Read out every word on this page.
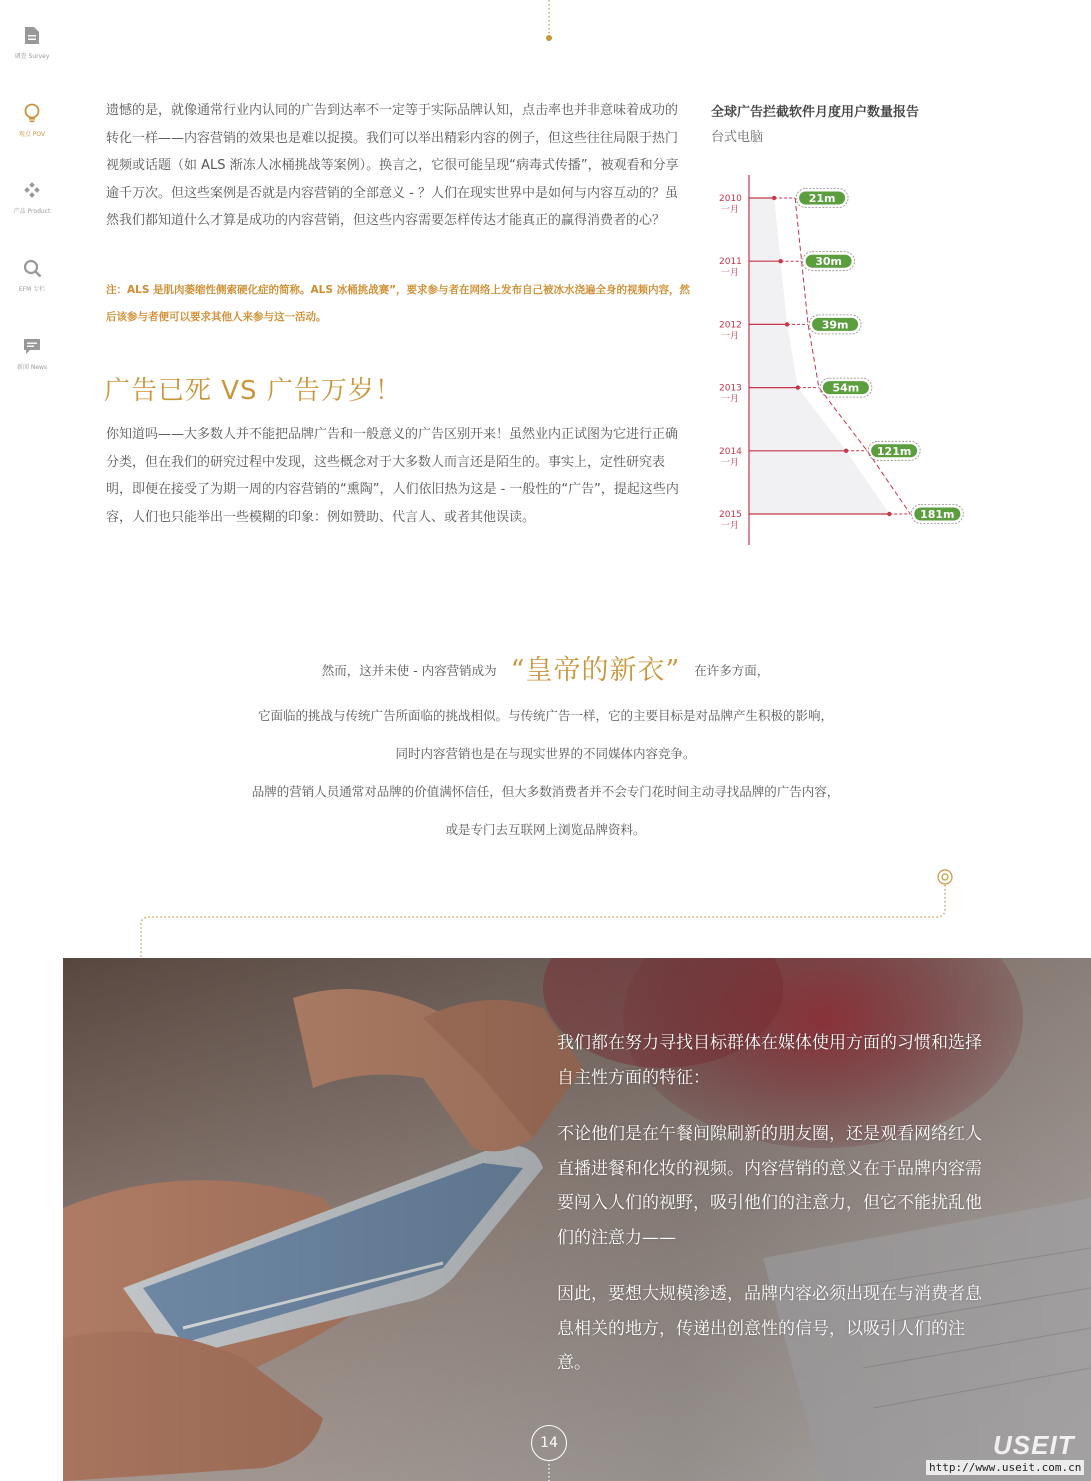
调查 Survey
观点 POV
产品 Product
EFM 专栏
新闻 News

遗憾的是，就像通常行业内认同的广告到达率不一定等于实际品牌认知，点击率也并非意味着成功的转化一样——内容营销的效果也是难以捉摸。我们可以举出精彩内容的例子，但这些往往局限于热门视频或话题（如 ALS 渐冻人冰桶挑战等案例）。换言之，它很可能呈现“病毒式传播”，被观看和分享逾千万次。但这些案例是否就是内容营销的全部意义 - ？人们在现实世界中是如何与内容互动的？虽然我们都知道什么才算是成功的内容营销，但这些内容需要怎样传达才能真正的赢得消费者的心？

注：ALS 是肌肉萎缩性侧索硬化症的简称。ALS 冰桶挑战赛”，要求参与者在网络上发布自己被冰水浇遍全身的视频内容，然后该参与者便可以要求其他人来参与这一活动。

广告已死 VS 广告万岁！

你知道吗——大多数人并不能把品牌广告和一般意义的广告区别开来！虽然业内正试图为它进行正确分类，但在我们的研究过程中发现，这些概念对于大多数人而言还是陌生的。事实上，定性研究表明，即便在接受了为期一周的内容营销的“熏陶”，人们依旧热为这是 - 一般性的“广告”，提起这些内容，人们也只能举出一些模糊的印象：例如赞助、代言人、或者其他误读。

全球广告拦截软件月度用户数量报告

台式电脑

2010
一月
21m
2011
一月
30m
2012
一月
39m
2013
一月
54m
2014
一月
121m
2015
一月
181m
然而，这并未使 - 内容营销成为 “皇帝的新衣” 在许多方面，

它面临的挑战与传统广告所面临的挑战相似。与传统广告一样，它的主要目标是对品牌产生积极的影响，

同时内容营销也是在与现实世界的不同媒体内容竞争。

品牌的营销人员通常对品牌的价值满怀信任，但大多数消费者并不会专门花时间主动寻找品牌的广告内容，

或是专门去互联网上浏览品牌资料。

我们都在努力寻找目标群体在媒体使用方面的习惯和选择自主性方面的特征：

不论他们是在午餐间隙刷新的朋友圈，还是观看网络红人直播进餐和化妆的视频。内容营销的意义在于品牌内容需要闯入人们的视野，吸引他们的注意力，但它不能扰乱他们的注意力——

因此，要想大规模渗透，品牌内容必须出现在与消费者息息相关的地方，传递出创意性的信号，以吸引人们的注意。

14	USEIT
http://www.useit.com.cn
